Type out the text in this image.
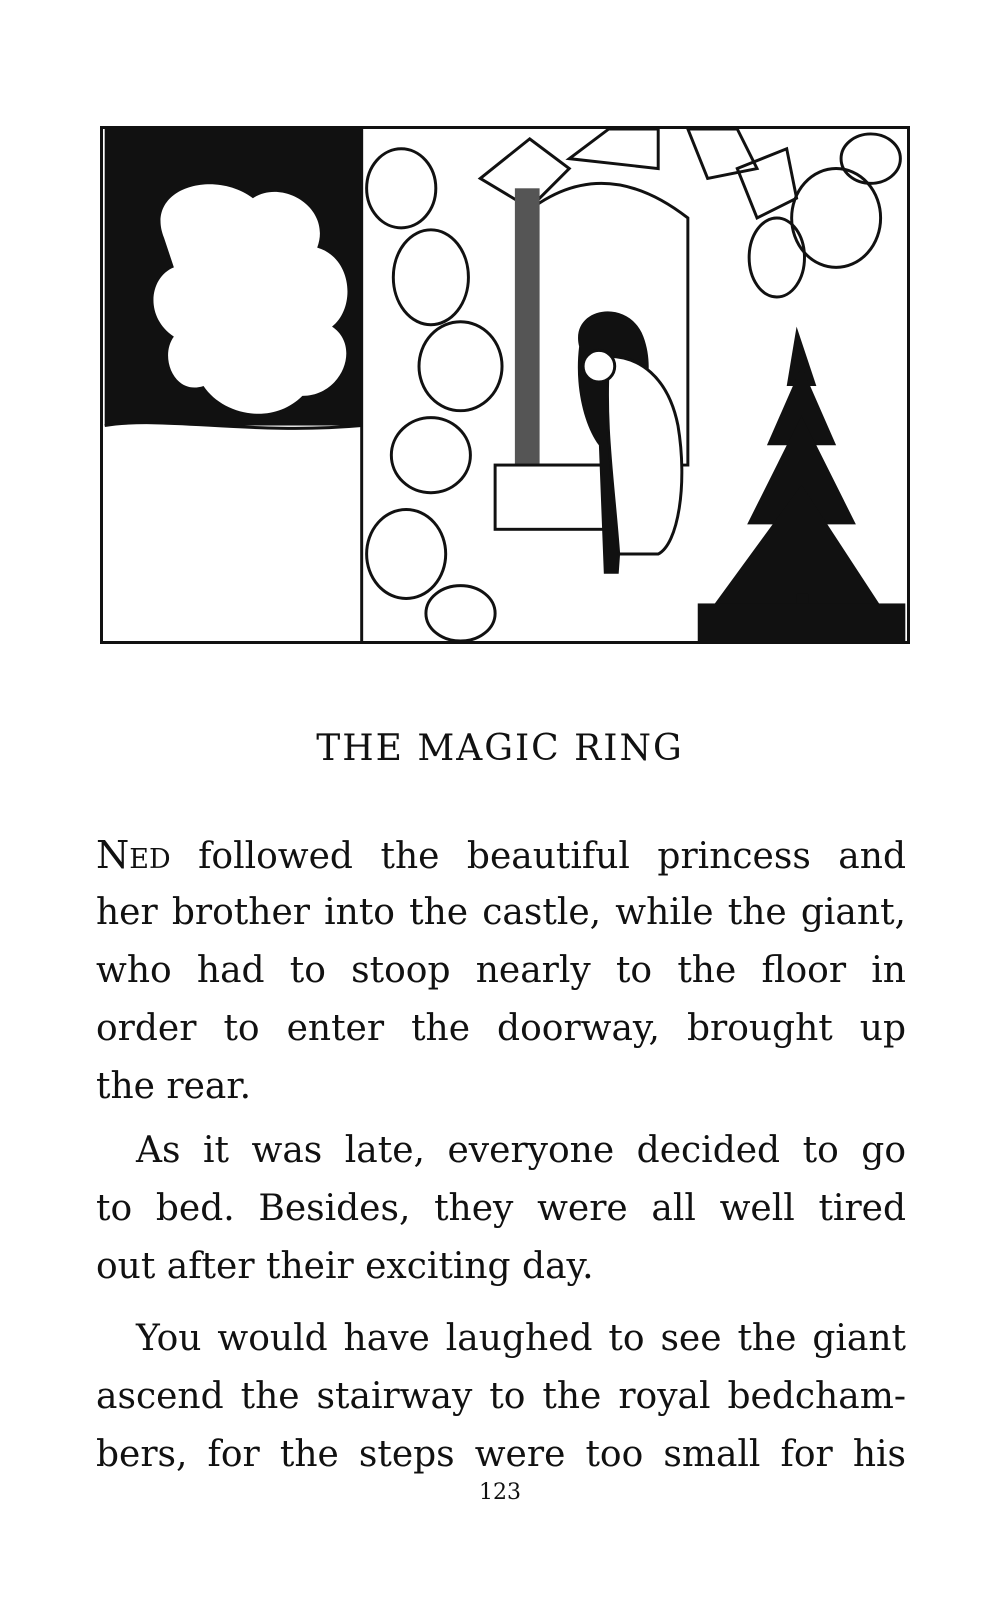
THE MAGIC RING
Ned followed the beautiful princess and
her brother into the castle, while the giant,
who had to stoop nearly to the floor in
order to enter the doorway, brought up
the rear.
As it was late, everyone decided to go
to bed. Besides, they were all well tired
out after their exciting day.
You would have laughed to see the giant
ascend the stairway to the royal bedcham-
bers, for the steps were too small for his
123
